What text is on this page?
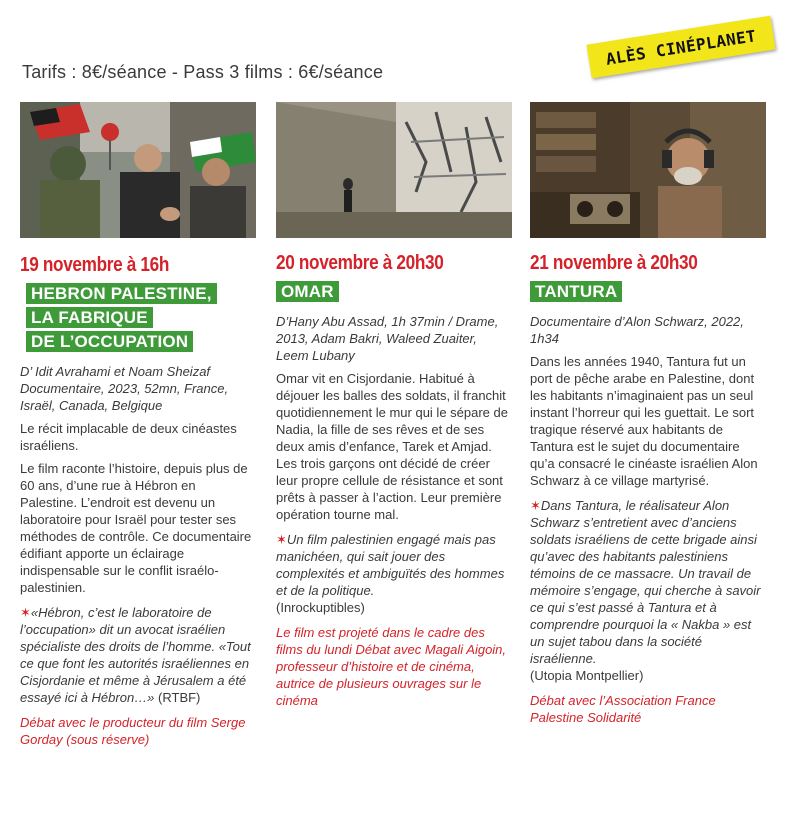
Tarifs : 8€/séance - Pass 3 films : 6€/séance
ALÈS CINÉPLANET
19 novembre à 16h
HEBRON PALESTINE,
LA FABRIQUE
DE L’OCCUPATION
D’ Idit Avrahami et Noam Sheizaf Documentaire, 2023, 52mn, France, Israël, Canada, Belgique

Le récit implacable de deux cinéastes israéliens.

Le film raconte l’histoire, depuis plus de 60 ans, d’une rue à Hébron en Palestine. L’endroit est devenu un laboratoire pour Israël pour tester ses méthodes de contrôle. Ce documentaire édifiant apporte un éclairage indispensable sur le conflit israélo-palestinien.

✶«Hébron, c’est le laboratoire de l’occupation» dit un avocat israélien spécialiste des droits de l’homme. «Tout ce que font les autorités israéliennes en Cisjordanie et même à Jérusalem a été essayé ici à Hébron…» (RTBF)
Débat avec le producteur du film Serge Gorday (sous réserve)
20 novembre à 20h30
OMAR
D’Hany Abu Assad, 1h 37min / Drame, 2013, Adam Bakri, Waleed Zuaiter, Leem Lubany

Omar vit en Cisjordanie. Habitué à déjouer les balles des soldats, il franchit quotidiennement le mur qui le sépare de Nadia, la fille de ses rêves et de ses deux amis d’enfance, Tarek et Amjad. Les trois garçons ont décidé de créer leur propre cellule de résistance et sont prêts à passer à l’action. Leur première opération tourne mal.

✶Un film palestinien engagé mais pas manichéen, qui sait jouer des complexités et ambiguïtés des hommes et de la politique.
(Inrockuptibles)
Le film est projeté dans le cadre des films du lundi Débat avec Magali Aigoin, professeur d’histoire et de cinéma, autrice de plusieurs ouvrages sur le cinéma
21 novembre à 20h30
TANTURA
Documentaire d’Alon Schwarz, 2022, 1h34

Dans les années 1940, Tantura fut un port de pêche arabe en Palestine, dont les habitants n’imaginaient pas un seul instant l’horreur qui les guettait. Le sort tragique réservé aux habitants de Tantura est le sujet du documentaire qu’a consacré le cinéaste israélien Alon Schwarz à ce village martyrisé.

✶Dans Tantura, le réalisateur Alon Schwarz s’entretient avec d’anciens soldats israéliens de cette brigade ainsi qu’avec des habitants palestiniens témoins de ce massacre. Un travail de mémoire s’engage, qui cherche à savoir ce qui s’est passé à Tantura et à comprendre pourquoi la « Nakba » est un sujet tabou dans la société israélienne.
(Utopia Montpellier)
Débat avec l’Association France Palestine Solidarité
